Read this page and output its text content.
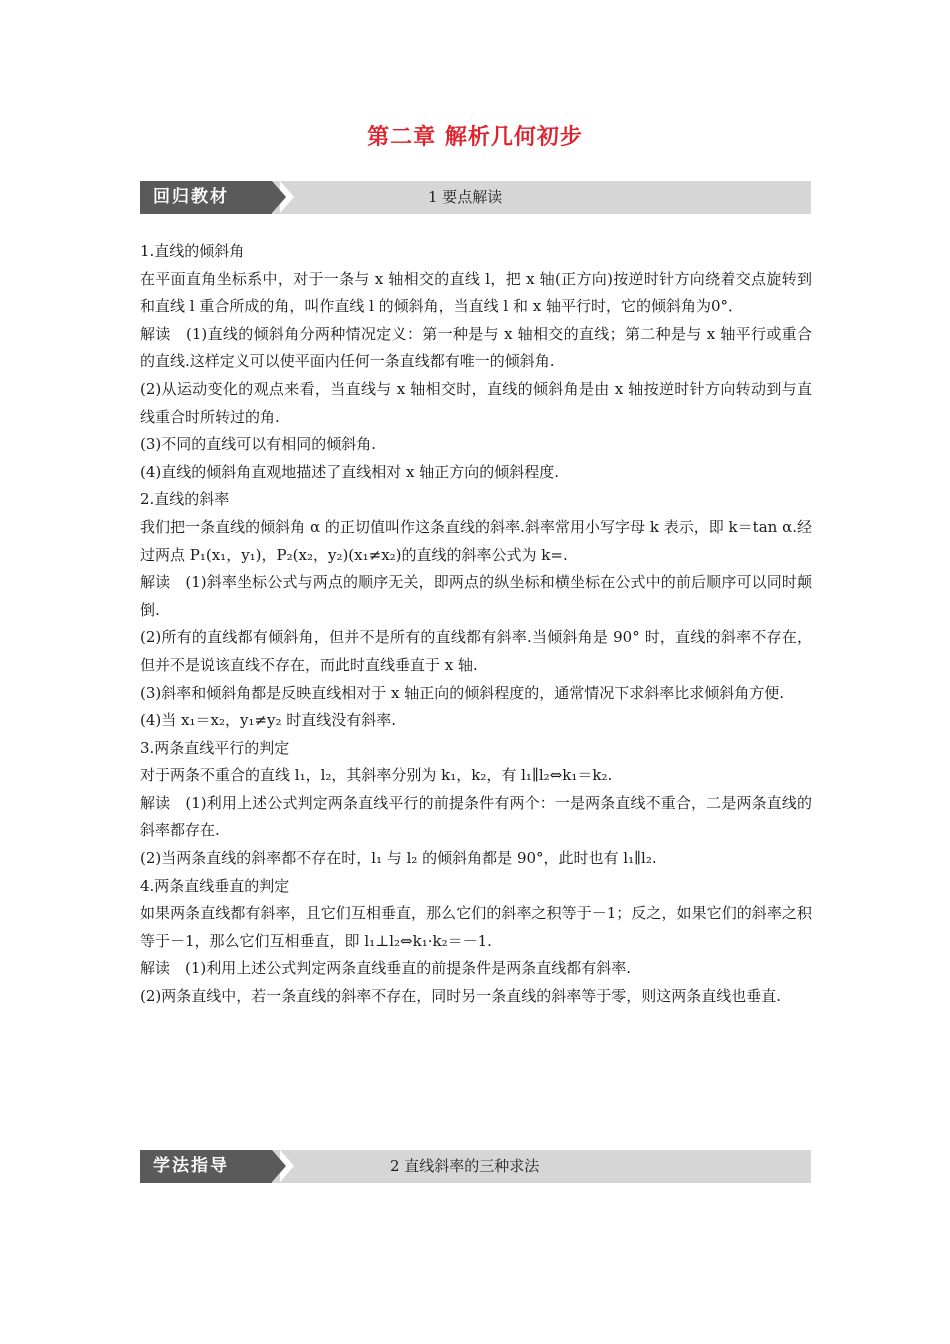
第二章 解析几何初步
回归教材	1 要点解读

1.直线的倾斜角

在平面直角坐标系中，对于一条与 x 轴相交的直线 l，把 x 轴(正方向)按逆时针方向绕着交点旋转到和直线 l 重合所成的角，叫作直线 l 的倾斜角，当直线 l 和 x 轴平行时，它的倾斜角为0°．

解读　(1)直线的倾斜角分两种情况定义：第一种是与 x 轴相交的直线；第二种是与 x 轴平行或重合的直线.这样定义可以使平面内任何一条直线都有唯一的倾斜角.

(2)从运动变化的观点来看，当直线与 x 轴相交时，直线的倾斜角是由 x 轴按逆时针方向转动到与直线重合时所转过的角.

(3)不同的直线可以有相同的倾斜角.

(4)直线的倾斜角直观地描述了直线相对 x 轴正方向的倾斜程度.

2.直线的斜率

我们把一条直线的倾斜角 α 的正切值叫作这条直线的斜率.斜率常用小写字母 k 表示，即 k＝tan α.经过两点 P₁(x₁，y₁)，P₂(x₂，y₂)(x₁≠x₂)的直线的斜率公式为 k=.

解读　(1)斜率坐标公式与两点的顺序无关，即两点的纵坐标和横坐标在公式中的前后顺序可以同时颠倒.

(2)所有的直线都有倾斜角，但并不是所有的直线都有斜率.当倾斜角是 90° 时，直线的斜率不存在，但并不是说该直线不存在，而此时直线垂直于 x 轴.

(3)斜率和倾斜角都是反映直线相对于 x 轴正向的倾斜程度的，通常情况下求斜率比求倾斜角方便.

(4)当 x₁＝x₂，y₁≠y₂ 时直线没有斜率.

3.两条直线平行的判定

对于两条不重合的直线 l₁，l₂，其斜率分别为 k₁，k₂，有 l₁∥l₂⇔k₁＝k₂.

解读　(1)利用上述公式判定两条直线平行的前提条件有两个：一是两条直线不重合，二是两条直线的斜率都存在.

(2)当两条直线的斜率都不存在时，l₁ 与 l₂ 的倾斜角都是 90°，此时也有 l₁∥l₂.

4.两条直线垂直的判定

如果两条直线都有斜率，且它们互相垂直，那么它们的斜率之积等于－1；反之，如果它们的斜率之积等于－1，那么它们互相垂直，即 l₁⊥l₂⇔k₁·k₂＝－1.

解读　(1)利用上述公式判定两条直线垂直的前提条件是两条直线都有斜率.

(2)两条直线中，若一条直线的斜率不存在，同时另一条直线的斜率等于零，则这两条直线也垂直.

学法指导	2 直线斜率的三种求法
